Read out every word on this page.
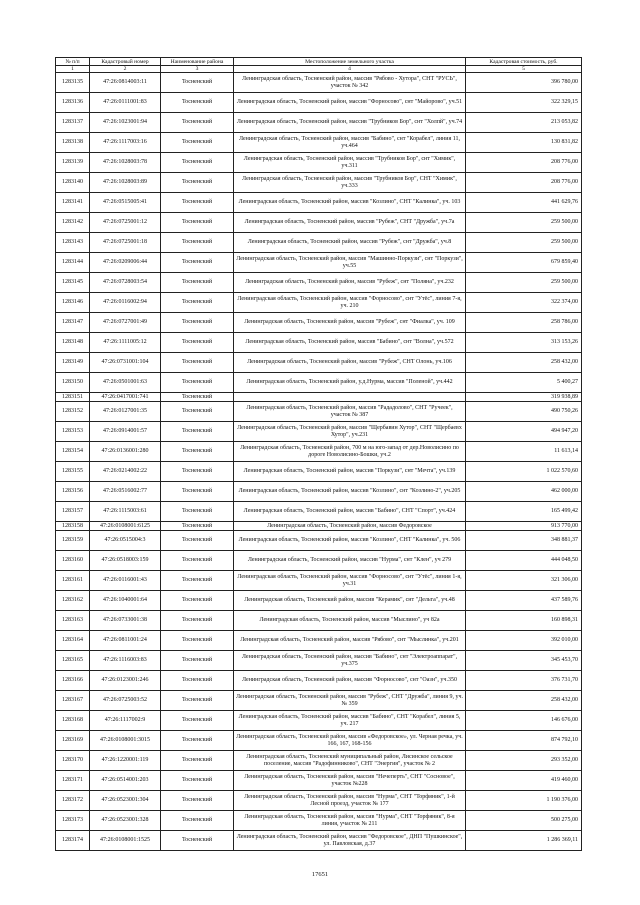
№ п/п	Кадастровый номер	Наименование района	Местоположение земельного участка	Кадастровая стоимость, руб.
1	2	3	4	5
1283135	47:26:0814003:11	Тосненский	Ленинградская область, Тосненский район, массив "Рябово - Хутора", СНТ "РУСЬ", участок № 342	396 780,00
1283136	47:26:0111001:83	Тосненский	Ленинградская область, Тосненский район, массив "Форносово", снт "Майорово", уч.51	322 329,15
1283137	47:26:1023001:94	Тосненский	Ленинградская область, Тосненский район, массив "Трубников Бор", снт "Холпй", уч.74	213 053,82
1283138	47:26:1117003:16	Тосненский	Ленинградская область, Тосненский район, массив "Бабино", снт "Корабел", линия 11, уч.464	130 831,82
1283139	47:26:1028003:78	Тосненский	Ленинградская область, Тосненский район, массив "Трубников Бор", снт "Химик", уч.311	208 776,00
1283140	47:26:1028003:89	Тосненский	Ленинградская область, Тосненский район, массив "Трубников Бор", СНТ "Химик", уч.333	208 776,00
1283141	47:26:0515005:41	Тосненский	Ленинградская область, Тосненский район, массив "Козлино", СНТ "Калинка", уч. 103	441 629,76
1283142	47:26:0725001:12	Тосненский	Ленинградская область, Тосненский район, массив "Рубеж", СНТ "Дружба", уч.7а	259 500,00
1283143	47:26:0725001:18	Тосненский	Ленинградская область, Тосненский район, массив "Рубеж", снт "Дружба", уч.8	259 500,00
1283144	47:26:0209006:44	Тосненский	Ленинградская область, Тосненский район, массив "Машинно-Поркузи", снт "Поркузи", уч.55	679 859,40
1283145	47:26:0728003:54	Тосненский	Ленинградская область, Тосненский район, массив "Рубеж", снт "Поляна", уч.232	259 500,00
1283146	47:26:0116002:94	Тосненский	Ленинградская область, Тосненский район, массив "Форносово", снт "Утёс", линия 7-я, уч. 210	322 374,00
1283147	47:26:0727001:49	Тосненский	Ленинградская область, Тосненский район, массив "Рубеж", снт "Фиалка", уч. 109	258 786,00
1283148	47:26:1111005:12	Тосненский	Ленинградская область, Тосненский район, массив "Бабино", снт "Волна", уч.572	313 153,26
1283149	47:26:0731001:104	Тосненский	Ленинградская область, Тосненский район, массив "Рубеж", СНТ Олонь, уч.106	258 432,00
1283150	47:26:0501001:63	Тосненский	Ленинградская область, Тосненский район, у.д.Нурма, массив "Поленой", уч.442	5 400,27
1283151	47:26:0417001:741	Тосненский		319 938,89
1283152	47:26:0127001:35	Тосненский	Ленинградская область, Тосненский район, массив "Рададолово", СНТ "Ручеек", участок № 387	490 750,26
1283153	47:26:0914001:57	Тосненский	Ленинградская область, Тосненский район, массив "Щербавин Хутор", СНТ "Щербаевх Хутор", уч.231	494 947,20
1283154	47:26:0136001:280	Тосненский	Ленинградская область, Тосненский район, 700 м на юго-запад от дер.Новолисино по дороге Новолисино-Бошки, уч.2	11 613,14
1283155	47:26:0214002:22	Тосненский	Ленинградская область, Тосненский район, массив "Поркузи", снт "Мечта", уч.139	1 022 570,60
1283156	47:26:0516002:77	Тосненский	Ленинградская область, Тосненский район, массив "Козлино", снт "Козлино-2", уч.205	462 000,00
1283157	47:26:1115003:61	Тосненский	Ленинградская область, Тосненский район, массив "Бабино", СНТ "Спорт", уч.424	165 499,42
1283158	47:26:0108001:6125	Тосненский	Ленинградская область, Тосненский район, массив Федоровское	913 770,00
1283159	47:26:0515004:3	Тосненский	Ленинградская область, Тосненский район, массив "Козлино", СНТ "Калинка", уч. 506	348 881,37
1283160	47:26:0518003:159	Тосненский	Ленинградская область, Тосненский район, массив "Нурма", снт "Клен", уч 279	444 048,50
1283161	47:26:0116001:43	Тосненский	Ленинградская область, Тосненский район, массив "Форносово", снт "Утёс", линия 1-я, уч.31	321 306,00
1283162	47:26:1040001:64	Тосненский	Ленинградская область, Тосненский район, массив "Керамик", снт "Дельта", уч.48	437 589,76
1283163	47:26:0733001:38	Тосненский	Ленинградская область, Тосненский район, массив "Мыслино", уч 82а	160 898,31
1283164	47:26:0811001:24	Тосненский	Ленинградская область, Тосненский район, массив "Рябово", снт "Мыслинка", уч.201	392 010,00
1283165	47:26:1116003:83	Тосненский	Ленинградская область, Тосненский район, массив "Бабино", снт "Электроаппарат", уч.375	345 453,70
1283166	47:26:0123001:246	Тосненский	Ленинградская область, Тосненский район, массив "Форносово", снт "Оазн", уч.350	376 731,70
1283167	47:26:0725003:52	Тосненский	Ленинградская область, Тосненский район, массив "Рубеж", СНТ "Дружба", линия 9, уч. № 359	258 432,00
1283168	47:26:1117002:9	Тосненский	Ленинградская область, Тосненский район, массив "Бабино", СНТ "Корабел", линия 5, уч. 217	146 676,00
1283169	47:26:0108001:3015	Тосненский	Ленинградская область, Тосненский район, массив «Федоровское», ул. Черная речка, уч. 166, 167, 168-156	874 792,10
1283170	47:26:1220001:119	Тосненский	Ленинградская область, Тосненский муниципальный район, Лисинское сельское поселение, массив "Радофинниково", СНТ "Энергия", участок № 2	293 352,00
1283171	47:26:0514001:203	Тосненский	Ленинградская область, Тосненский район, массив "Нечеперть", СНТ "Сосновое", участок №228	419 460,00
1283172	47:26:0523001:304	Тосненский	Ленинградская область, Тосненский район, массив "Нурма", СНТ "Торфяник", 1-й Лесной проезд, участок № 177	1 190 376,00
1283173	47:26:0523001:328	Тосненский	Ленинградская область, Тосненский район, массив "Нурма", СНТ "Торфяник", 8-я линия, участок № 211	500 275,00
1283174	47:26:0108001:1525	Тосненский	Ленинградская область, Тосненский район, массив "Федоровское", ДНП "Пушкинское", ул. Павловская, д.37	1 286 369,11
17651
